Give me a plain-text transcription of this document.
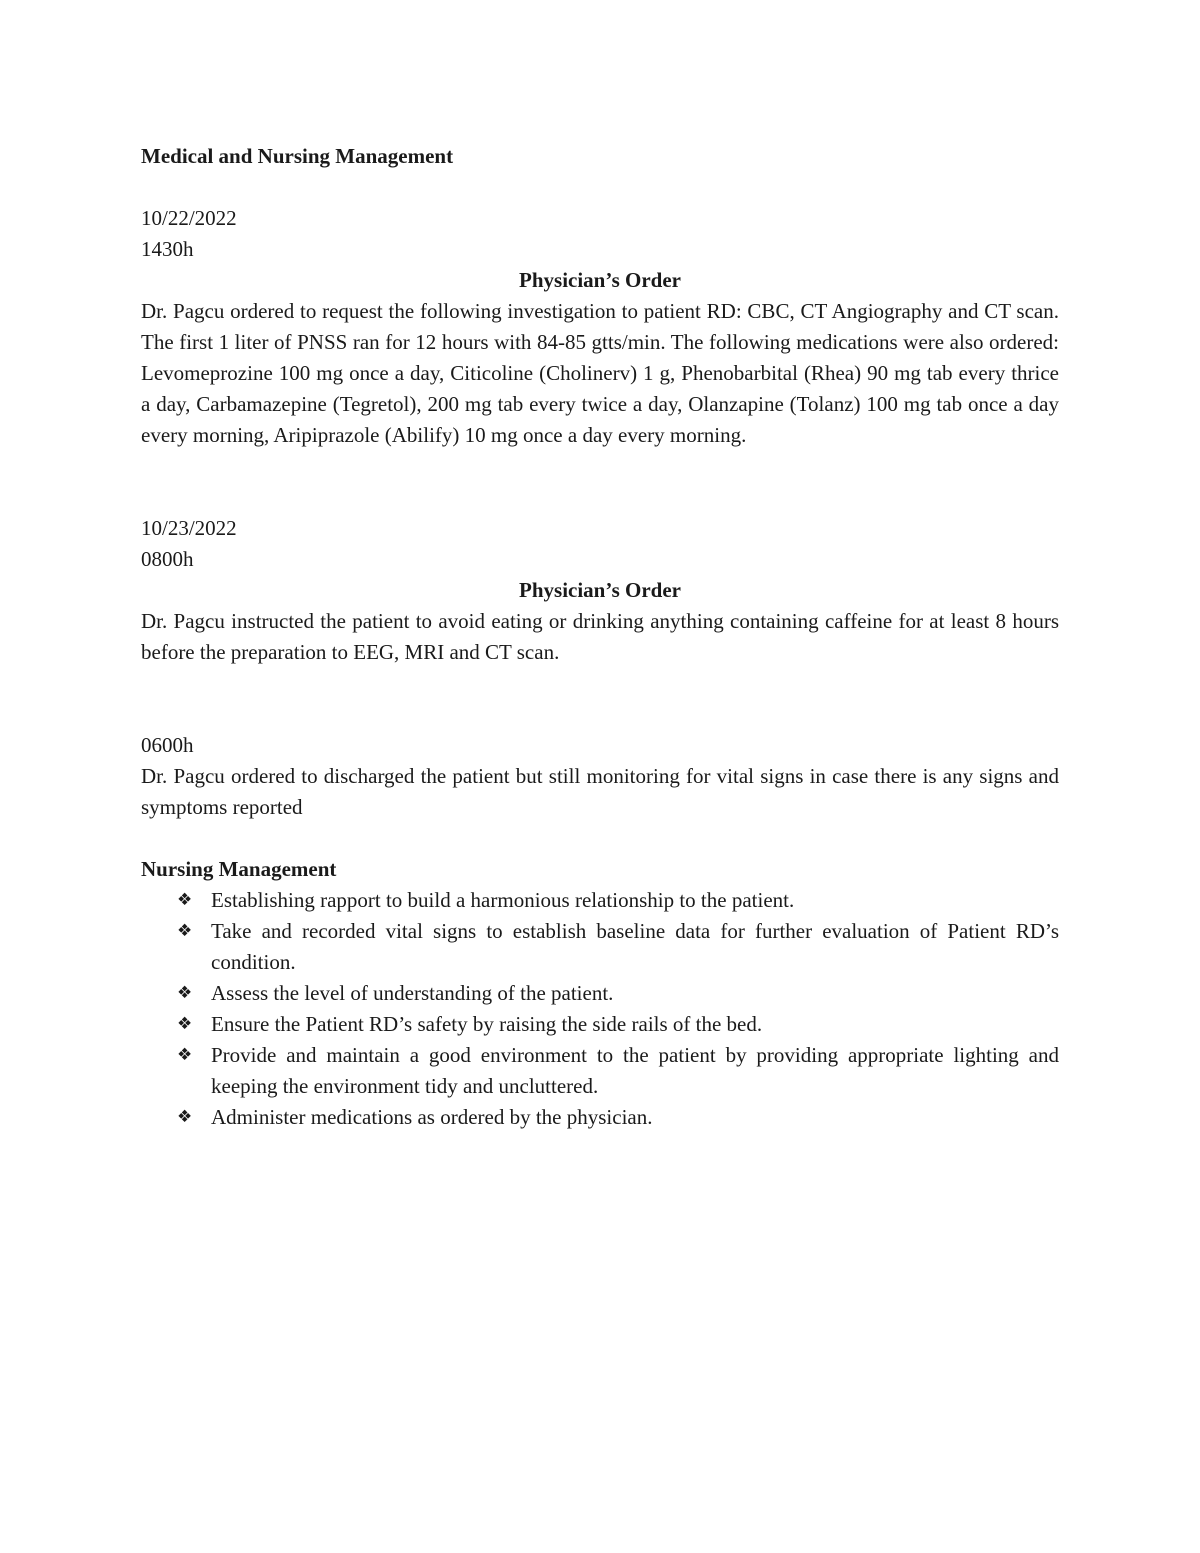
Medical and Nursing Management

10/22/2022

1430h

Physician’s Order

Dr. Pagcu ordered to request the following investigation to patient RD: CBC, CT Angiography and CT scan. The first 1 liter of PNSS ran for 12 hours with 84-85 gtts/min. The following medications were also ordered: Levomeprozine 100 mg once a day, Citicoline (Cholinerv) 1 g, Phenobarbital (Rhea) 90 mg tab every thrice a day, Carbamazepine (Tegretol), 200 mg tab every twice a day, Olanzapine (Tolanz) 100 mg tab once a day every morning, Aripiprazole (Abilify) 10 mg once a day every morning.

10/23/2022

0800h

Physician’s Order

Dr. Pagcu instructed the patient to avoid eating or drinking anything containing caffeine for at least 8 hours before the preparation to EEG, MRI and CT scan.

0600h

Dr. Pagcu ordered to discharged the patient but still monitoring for vital signs in case there is any signs and symptoms reported

Nursing Management

❖ Establishing rapport to build a harmonious relationship to the patient.
❖ Take and recorded vital signs to establish baseline data for further evaluation of Patient RD’s condition.
❖ Assess the level of understanding of the patient.
❖ Ensure the Patient RD’s safety by raising the side rails of the bed.
❖ Provide and maintain a good environment to the patient by providing appropriate lighting and keeping the environment tidy and uncluttered.
❖ Administer medications as ordered by the physician.
